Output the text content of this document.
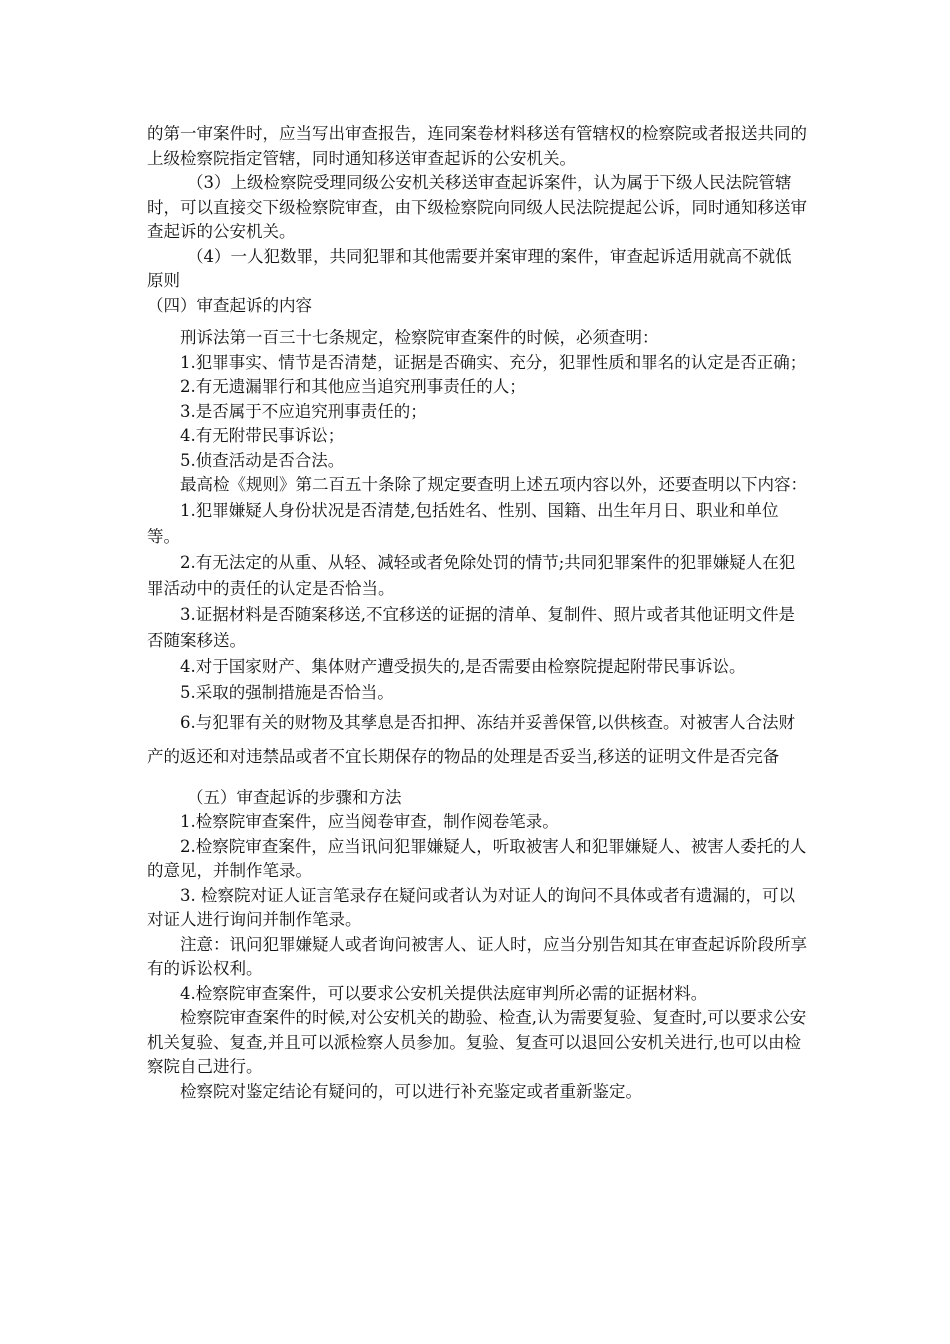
的第一审案件时，应当写出审查报告，连同案卷材料移送有管辖权的检察院或者报送共同的上级检察院指定管辖，同时通知移送审查起诉的公安机关。

（3）上级检察院受理同级公安机关移送审查起诉案件，认为属于下级人民法院管辖时，可以直接交下级检察院审查，由下级检察院向同级人民法院提起公诉，同时通知移送审查起诉的公安机关。

（4）一人犯数罪，共同犯罪和其他需要并案审理的案件，审查起诉适用就高不就低原则

（四）审查起诉的内容

刑诉法第一百三十七条规定，检察院审查案件的时候，必须查明：

1.犯罪事实、情节是否清楚，证据是否确实、充分，犯罪性质和罪名的认定是否正确；

2.有无遗漏罪行和其他应当追究刑事责任的人；

3.是否属于不应追究刑事责任的；

4.有无附带民事诉讼；

5.侦查活动是否合法。

最高检《规则》第二百五十条除了规定要查明上述五项内容以外，还要查明以下内容：

1.犯罪嫌疑人身份状况是否清楚,包括姓名、性别、国籍、出生年月日、职业和单位等。

2.有无法定的从重、从轻、减轻或者免除处罚的情节;共同犯罪案件的犯罪嫌疑人在犯罪活动中的责任的认定是否恰当。

3.证据材料是否随案移送,不宜移送的证据的清单、复制件、照片或者其他证明文件是否随案移送。

4.对于国家财产、集体财产遭受损失的,是否需要由检察院提起附带民事诉讼。

5.采取的强制措施是否恰当。

6.与犯罪有关的财物及其孳息是否扣押、冻结并妥善保管,以供核查。对被害人合法财产的返还和对违禁品或者不宜长期保存的物品的处理是否妥当,移送的证明文件是否完备

（五）审查起诉的步骤和方法

1.检察院审查案件，应当阅卷审查，制作阅卷笔录。

2.检察院审查案件，应当讯问犯罪嫌疑人，听取被害人和犯罪嫌疑人、被害人委托的人的意见，并制作笔录。

3. 检察院对证人证言笔录存在疑问或者认为对证人的询问不具体或者有遗漏的，可以对证人进行询问并制作笔录。

注意：讯问犯罪嫌疑人或者询问被害人、证人时，应当分别告知其在审查起诉阶段所享有的诉讼权利。

4.检察院审查案件，可以要求公安机关提供法庭审判所必需的证据材料。

检察院审查案件的时候,对公安机关的勘验、检查,认为需要复验、复查时,可以要求公安机关复验、复查,并且可以派检察人员参加。复验、复查可以退回公安机关进行,也可以由检察院自己进行。

检察院对鉴定结论有疑问的，可以进行补充鉴定或者重新鉴定。
